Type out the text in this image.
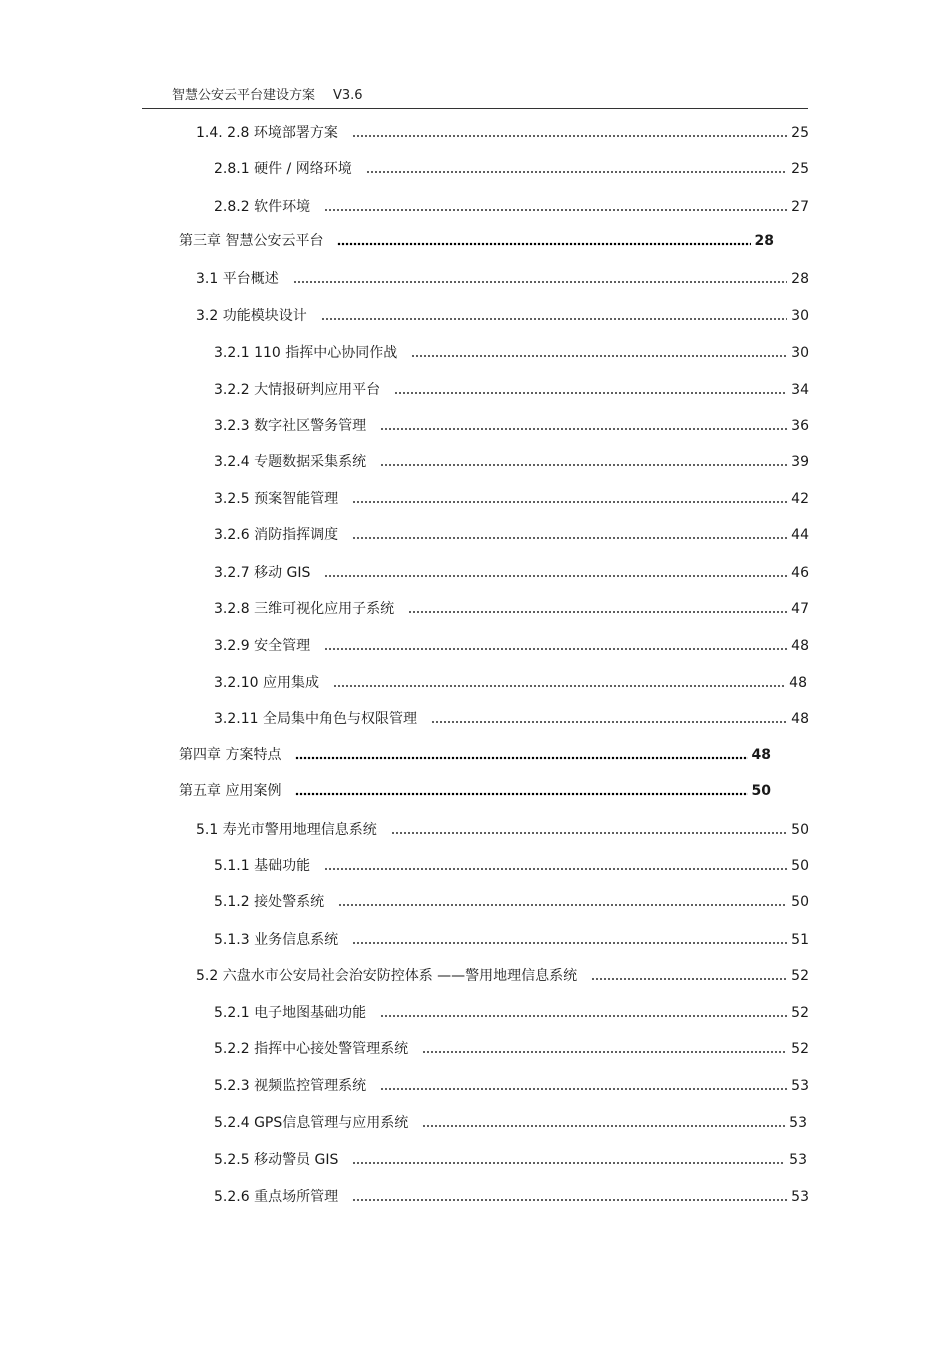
智慧公安云平台建设方案 V3.6
1.4. 2.8 环境部署方案	25
2.8.1 硬件 / 网络环境	25
2.8.2 软件环境	27
第三章 智慧公安云平台	28
3.1 平台概述	28
3.2 功能模块设计	30
3.2.1 110 指挥中心协同作战	30
3.2.2 大情报研判应用平台	34
3.2.3 数字社区警务管理	36
3.2.4 专题数据采集系统	39
3.2.5 预案智能管理	42
3.2.6 消防指挥调度	44
3.2.7 移动 GIS	46
3.2.8 三维可视化应用子系统	47
3.2.9 安全管理	48
3.2.10 应用集成	48
3.2.11 全局集中角色与权限管理	48
第四章 方案特点	48
第五章 应用案例	50
5.1 寿光市警用地理信息系统	50
5.1.1 基础功能	50
5.1.2 接处警系统	50
5.1.3 业务信息系统	51
5.2 六盘水市公安局社会治安防控体系 ——警用地理信息系统	52
5.2.1 电子地图基础功能	52
5.2.2 指挥中心接处警管理系统	52
5.2.3 视频监控管理系统	53
5.2.4 GPS信息管理与应用系统	53
5.2.5 移动警员 GIS	53
5.2.6 重点场所管理	53
